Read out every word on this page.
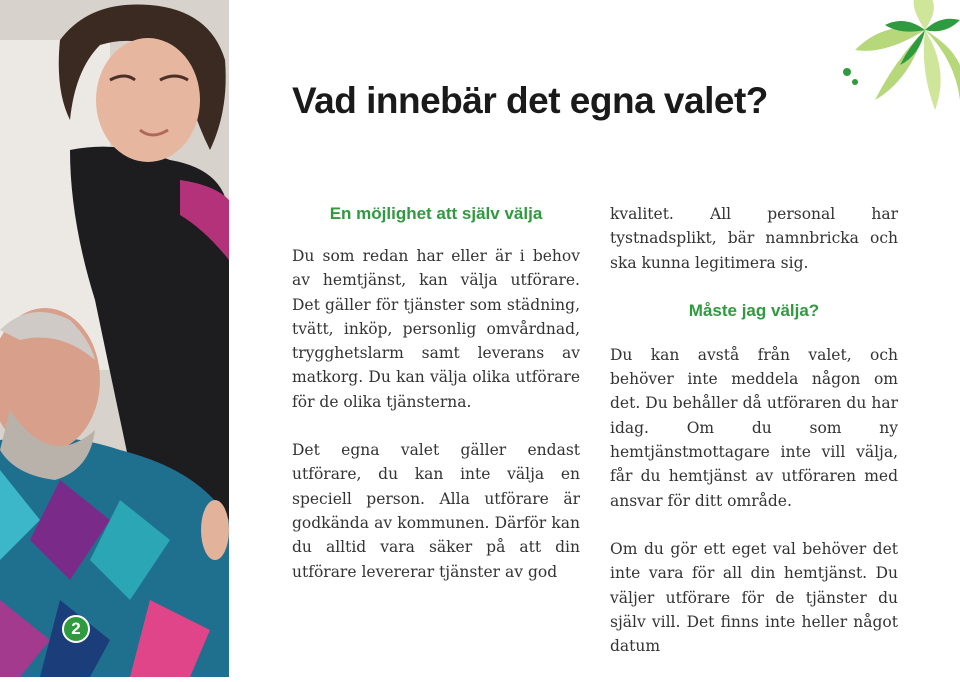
2
Vad innebär det egna valet?
En möjlighet att själv välja

Du som redan har eller är i behov av hemtjänst, kan välja utförare. Det gäller för tjänster som städning, tvätt, inköp, personlig omvårdnad, trygghetslarm samt leverans av matkorg. Du kan välja olika utförare för de olika tjänsterna.

Det egna valet gäller endast utförare, du kan inte välja en speciell person. Alla utförare är godkända av kommunen. Därför kan du alltid vara säker på att din utförare levererar tjänster av god

kvalitet. All personal har tystnadsplikt, bär namnbricka och ska kunna legitimera sig.

Måste jag välja?

Du kan avstå från valet, och behöver inte meddela någon om det. Du behåller då utföraren du har idag. Om du som ny hemtjänstmottagare inte vill välja, får du hemtjänst av utföraren med ansvar för ditt område.

Om du gör ett eget val behöver det inte vara för all din hemtjänst. Du väljer utförare för de tjänster du själv vill. Det finns inte heller något datum
